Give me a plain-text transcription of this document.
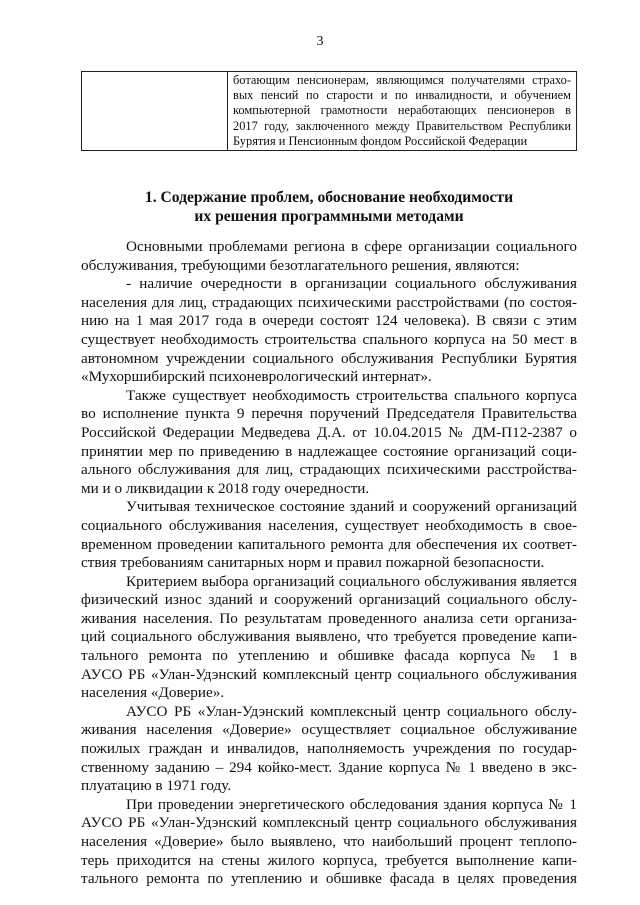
3

ботающим пенсионерам, являющимся получателями страхо-
вых пенсий по старости и по инвалидности, и обучением
компьютерной грамотности неработающих пенсионеров в
2017 году, заключенного между Правительством Республики
Бурятия и Пенсионным фондом Российской Федерации
1. Содержание проблем, обоснование необходимости
их решения программными методами
Основными проблемами региона в сфере организации социального
обслуживания, требующими безотлагательного решения, являются:
- наличие очередности в организации социального обслуживания
населения для лиц, страдающих психическими расстройствами (по состоя-
нию на 1 мая 2017 года в очереди состоят 124 человека). В связи с этим
существует необходимость строительства спального корпуса на 50 мест в
автономном учреждении социального обслуживания Республики Бурятия
«Мухоршибирский психоневрологический интернат».
Также существует необходимость строительства спального корпуса
во исполнение пункта 9 перечня поручений Председателя Правительства
Российской Федерации Медведева Д.А. от 10.04.2015 № ДМ-П12-2387 о
принятии мер по приведению в надлежащее состояние организаций соци-
ального обслуживания для лиц, страдающих психическими расстройства-
ми и о ликвидации к 2018 году очередности.
Учитывая техническое состояние зданий и сооружений организаций
социального обслуживания населения, существует необходимость в свое-
временном проведении капитального ремонта для обеспечения их соответ-
ствия требованиям санитарных норм и правил пожарной безопасности.
Критерием выбора организаций социального обслуживания является
физический износ зданий и сооружений организаций социального обслу-
живания населения. По результатам проведенного анализа сети организа-
ций социального обслуживания выявлено, что требуется проведение капи-
тального ремонта по утеплению и обшивке фасада корпуса № 1 в
АУСО РБ «Улан-Удэнский комплексный центр социального обслуживания
населения «Доверие».
АУСО РБ «Улан-Удэнский комплексный центр социального обслу-
живания населения «Доверие» осуществляет социальное обслуживание
пожилых граждан и инвалидов, наполняемость учреждения по государ-
ственному заданию – 294 койко-мест. Здание корпуса № 1 введено в экс-
плуатацию в 1971 году.
При проведении энергетического обследования здания корпуса № 1
АУСО РБ «Улан-Удэнский комплексный центр социального обслуживания
населения «Доверие» было выявлено, что наибольший процент теплопо-
терь приходится на стены жилого корпуса, требуется выполнение капи-
тального ремонта по утеплению и обшивке фасада в целях проведения
